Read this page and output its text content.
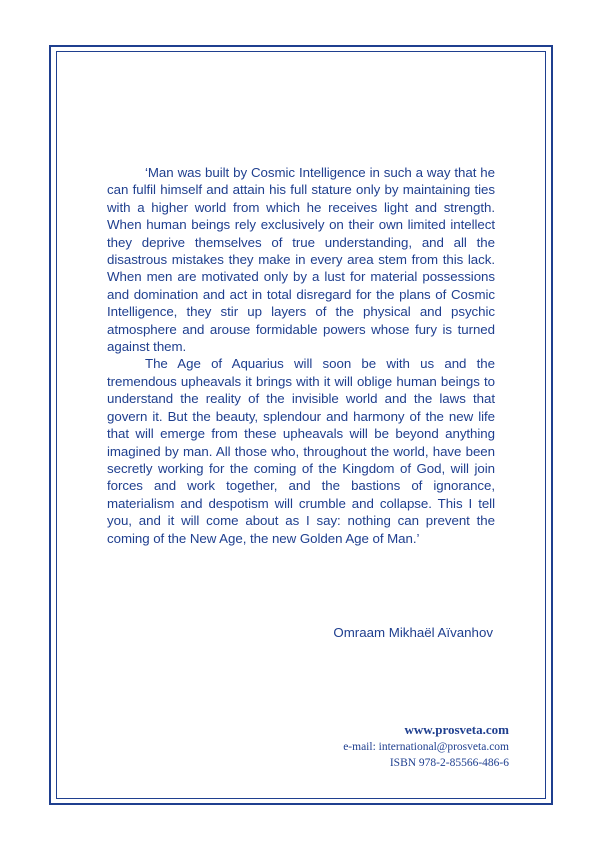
‘Man was built by Cosmic Intelligence in such a way that he can fulfil himself and attain his full stature only by maintaining ties with a higher world from which he receives light and strength. When human beings rely exclusively on their own limited intellect they deprive themselves of true understanding, and all the disastrous mistakes they make in every area stem from this lack. When men are motivated only by a lust for material possessions and domination and act in total disregard for the plans of Cosmic Intelligence, they stir up layers of the physical and psychic atmosphere and arouse formidable powers whose fury is turned against them.

The Age of Aquarius will soon be with us and the tremendous upheavals it brings with it will oblige human beings to understand the reality of the invisible world and the laws that govern it. But the beauty, splendour and harmony of the new life that will emerge from these upheavals will be beyond anything imagined by man. All those who, throughout the world, have been secretly working for the coming of the Kingdom of God, will join forces and work together, and the bastions of ignorance, materialism and despotism will crumble and collapse. This I tell you, and it will come about as I say: nothing can prevent the coming of the New Age, the new Golden Age of Man.’

Omraam Mikhaël Aïvanhov
www.prosveta.com
e-mail: international@prosveta.com
ISBN 978-2-85566-486-6
